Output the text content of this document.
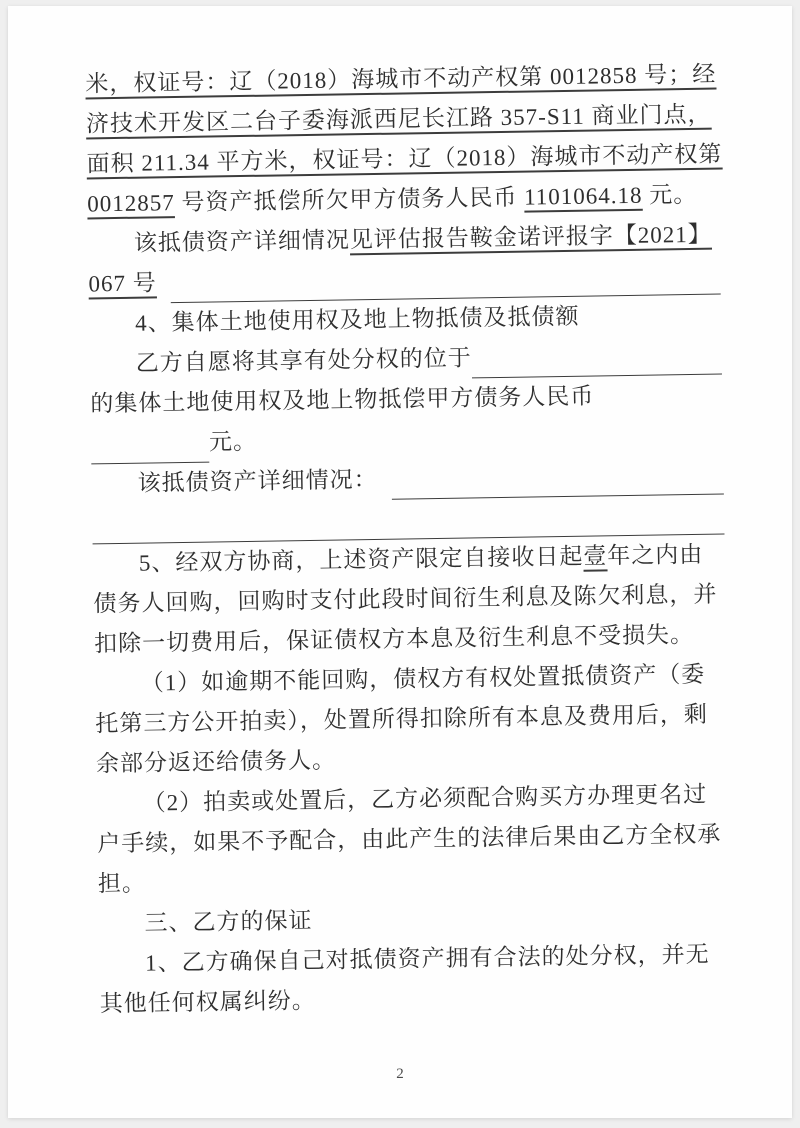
米，权证号：辽（2018）海城市不动产权第 0012858 号；经
济技术开发区二台子委海派西尼长江路 357-S11 商业门点，
面积 211.34 平方米，权证号：辽（2018）海城市不动产权第
0012857 号资产抵偿所欠甲方债务人民币 1101064.18 元。
该抵债资产详细情况 见评估报告鞍金诺评报字【2021】
067 号
4、集体土地使用权及地上物抵债及抵债额
乙方自愿将其享有处分权的位于
的集体土地使用权及地上物抵偿甲方债务人民币
元。
该抵债资产详细情况：
5、经双方协商，上述资产限定自接收日起 壹 年之内由
债务人回购，回购时支付此段时间衍生利息及陈欠利息，并
扣除一切费用后，保证债权方本息及衍生利息不受损失。
（1）如逾期不能回购，债权方有权处置抵债资产（委
托第三方公开拍卖），处置所得扣除所有本息及费用后，剩
余部分返还给债务人。
（2）拍卖或处置后，乙方必须配合购买方办理更名过
户手续，如果不予配合，由此产生的法律后果由乙方全权承
担。
三、乙方的保证
1、乙方确保自己对抵债资产拥有合法的处分权，并无
其他任何权属纠纷。
2
